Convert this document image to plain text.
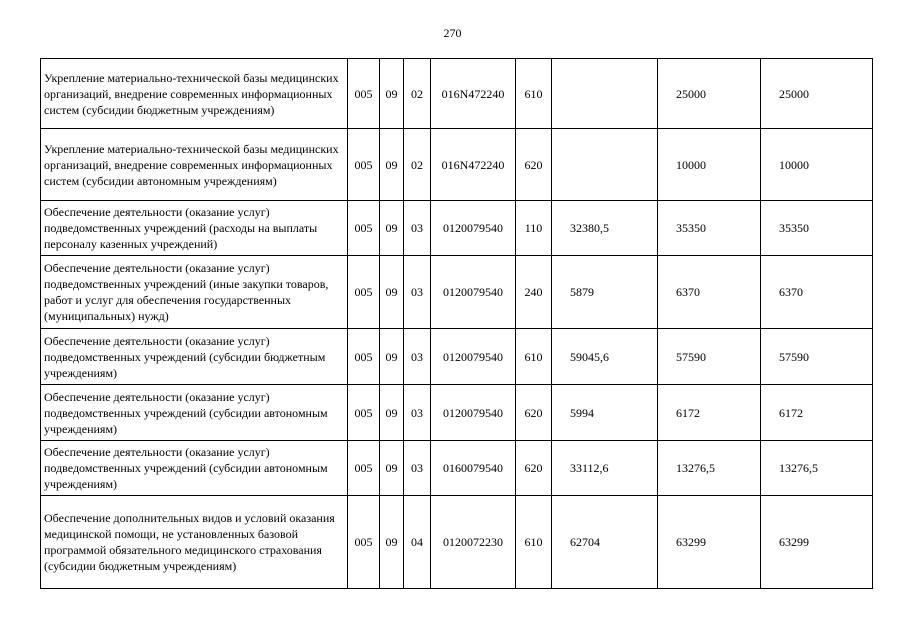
270
Укрепление материально-технической базы медицинских организаций, внедрение современных информационных систем (субсидии бюджетным учреждениям)	005	09	02	016N472240	610		25000	25000
Укрепление материально-технической базы медицинских организаций, внедрение современных информационных систем (субсидии автономным учреждениям)	005	09	02	016N472240	620		10000	10000
Обеспечение деятельности (оказание услуг) подведомственных учреждений (расходы на выплаты персоналу казенных учреждений)	005	09	03	0120079540	110	32380,5	35350	35350
Обеспечение деятельности (оказание услуг) подведомственных учреждений (иные закупки товаров, работ и услуг для обеспечения государственных (муниципальных) нужд)	005	09	03	0120079540	240	5879	6370	6370
Обеспечение деятельности (оказание услуг) подведомственных учреждений (субсидии бюджетным учреждениям)	005	09	03	0120079540	610	59045,6	57590	57590
Обеспечение деятельности (оказание услуг) подведомственных учреждений (субсидии автономным учреждениям)	005	09	03	0120079540	620	5994	6172	6172
Обеспечение деятельности (оказание услуг) подведомственных учреждений (субсидии автономным учреждениям)	005	09	03	0160079540	620	33112,6	13276,5	13276,5
Обеспечение дополнительных видов и условий оказания медицинской помощи, не установленных базовой программой обязательного медицинского страхования (субсидии бюджетным учреждениям)	005	09	04	0120072230	610	62704	63299	63299
